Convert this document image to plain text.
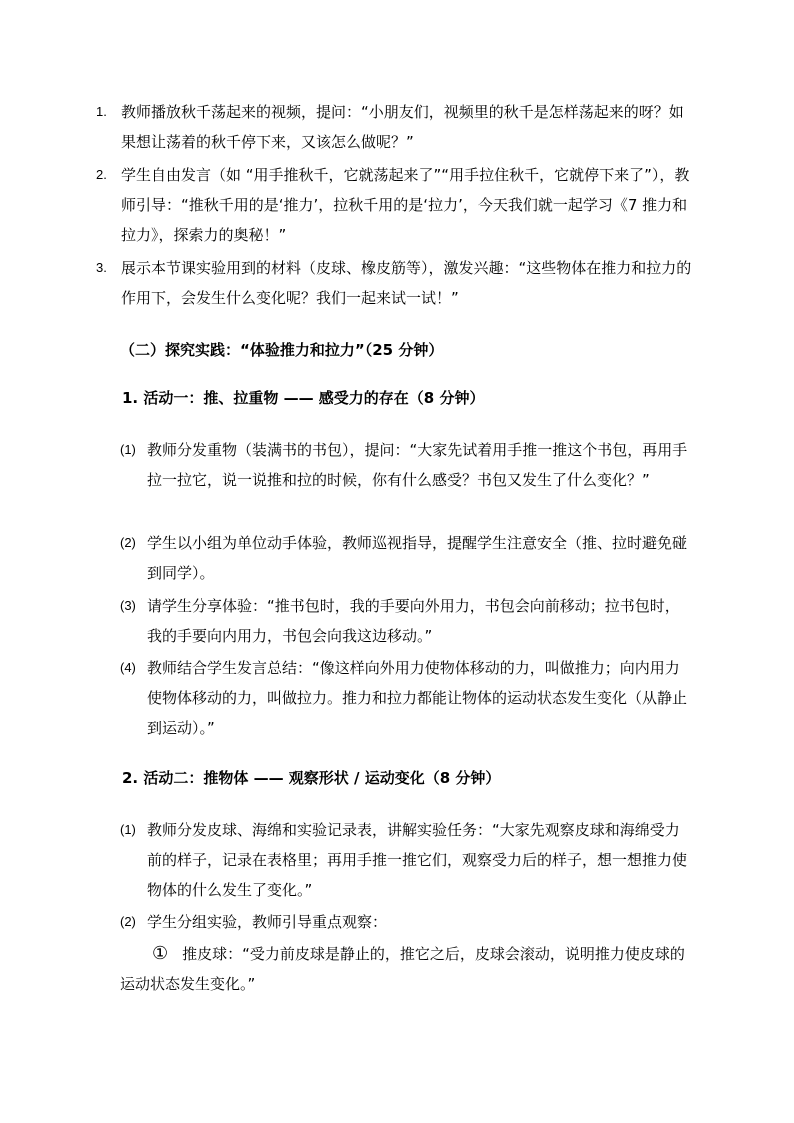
1. 教师播放秋千荡起来的视频，提问：“小朋友们，视频里的秋千是怎样荡起来的呀？如果想让荡着的秋千停下来，又该怎么做呢？”
2. 学生自由发言（如 “用手推秋千，它就荡起来了”“用手拉住秋千，它就停下来了”），教师引导：“推秋千用的是‘推力’，拉秋千用的是‘拉力’，今天我们就一起学习《7 推力和拉力》，探索力的奥秘！”
3. 展示本节课实验用到的材料（皮球、橡皮筋等），激发兴趣：“这些物体在推力和拉力的作用下，会发生什么变化呢？我们一起来试一试！”
（二）探究实践：“体验推力和拉力”（25 分钟）
1. 活动一：推、拉重物 —— 感受力的存在（8 分钟）
(1) 教师分发重物（装满书的书包），提问：“大家先试着用手推一推这个书包，再用手拉一拉它，说一说推和拉的时候，你有什么感受？书包又发生了什么变化？”
(2) 学生以小组为单位动手体验，教师巡视指导，提醒学生注意安全（推、拉时避免碰到同学）。
(3) 请学生分享体验：“推书包时，我的手要向外用力，书包会向前移动；拉书包时，我的手要向内用力，书包会向我这边移动。”
(4) 教师结合学生发言总结：“像这样向外用力使物体移动的力，叫做推力；向内用力使物体移动的力，叫做拉力。推力和拉力都能让物体的运动状态发生变化（从静止到运动）。”
2. 活动二：推物体 —— 观察形状 / 运动变化（8 分钟）
(1) 教师分发皮球、海绵和实验记录表，讲解实验任务：“大家先观察皮球和海绵受力前的样子，记录在表格里；再用手推一推它们，观察受力后的样子，想一想推力使物体的什么发生了变化。”
(2) 学生分组实验，教师引导重点观察：
① 推皮球：“受力前皮球是静止的，推它之后，皮球会滚动，说明推力使皮球的运动状态发生变化。”
